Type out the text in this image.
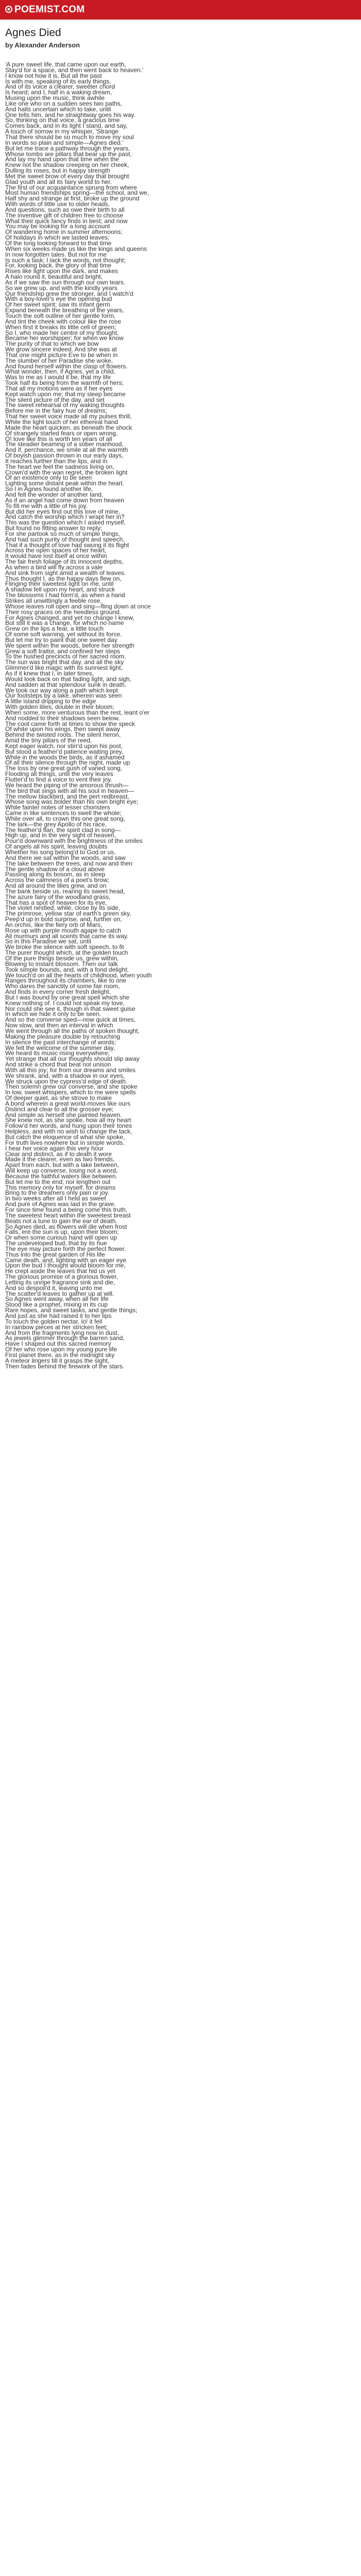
POEMIST.COM
Agnes Died
by Alexander Anderson
'A pure sweet life, that came upon our earth,
Stay'd for a space, and then went back to heaven.'
I know not how it is, But all the past
Is with me, speaking of its early things,
And of its voice a clearer, sweeter chord
Is heard; and I, half in a waking dream,
Musing upon the music, think awhile
Like one who on a sudden sees two paths,
And halts uncertain which to take, until
One tells him, and he straightway goes his way.
So, thinking on that voice, a gracious time
Comes back, and in its light I stand, and say,
A touch of sorrow in my whisper, 'Strange
That there should be so much to move my soul
In words so plain and simple—Agnes died.'
But let me trace a pathway through the years,
Whose tombs are pillars that bear up the past,
And lay my hand upon that time when the
Knew not the shadow creeping on her cheek,
Dulling its roses, but in happy strength
Met the sweet brow of every day that brought
Glad youth and all its fairy world to her.
The first of our acquaintance sprung from where
Most human friendships spring—the school, and we,
Half shy and strange at first, broke up the ground
With words of little use to older heads,
And questions, such as owe their birth to all
The inventive gift of children free to choose
What their quick fancy finds in best; and now
You may be looking for a long account
Of wandering home in summer afternoons;
Of holidays in which we lasted leaves;
Of the long looking forward to that time
When six weeks made us like the kings and queens
In now forgotten tales. But not for me
Is such a task; I lack the words, not thought;
For, looking back, the glory of that time
Rises like light upon the dark, and makes
A halo round it, beautiful and bright,
As if we saw the sun through our own tears.
So we grew up, and with the kindly years
Our friendship grew the stronger, and I watch'd
With a boy-lover's eye the opening bud
Of her sweet spirit; saw its infant germ
Expand beneath the breathing of the years,
Touch the soft outline of her gentle form,
And tint the cheek with colour like the rose
When first it breaks its little cell of green;
So I, who made her centre of my thought,
Became her worshipper; for when we know
The purity of that to which we bow
We grow sincere indeed. And she was at
That one might picture Eve to be when in
The slumber of her Paradise she woke,
And found herself within the clasp of flowers.
What wonder, then, if Agnes, yet a child,
Was to me as I would it be, that my life
Took half its being from the warmth of hers;
That all my motions were as if her eyes
Kept watch upon me; that my sleep became
The silent picture of the day, and set
The sweet rehearsal of my waking thoughts
Before me in the fairy hue of dreams;
That her sweet voice made all my pulses thrill,
While the light touch of her ethereal hand
Made the heart quicken, as beneath the shock
Of strangely started fears or open wrong.
O! love like this is worth ten years of all
The steadier beaming of a sober manhood,
And if, perchance, we smile at all the warmth
Of boyish passion thrown in our early days,
It reaches further than the lips, and in
The heart we feel the sadness living on,
Crown'd with the wan regret, the broken light
Of an existence only to be seen
Lighting some distant peak within the heart.
So I in Agnes found another life,
And felt the wonder of another land,
As if an angel had come down from heaven
To fill me with a little of his joy.
But did her eyes find out this love of mine,
And catch the worship which I wrapt her in?
This was the question which I asked myself,
But found no fitting answer to reply;
For she partook so much of simple things,
And had such purity of thought and speech,
That if a thought of love had swung it its flight
Across the open spaces of her heart,
It would have lost itself at once within
The fair fresh foliage of its innocent depths,
As when a bird will fly across a vale
And sink from sight amid a wealth of leaves.
Thus thought I, as the happy days flew on,
Flinging their sweetest light on me, until
A shadow fell upon my heart, and struck
The blossoms I had form'd, as when a hand
Strikes all unwittingly a feeble rose,
Whose leaves roll open and sing—fling down at once
Their rosy graces on the heedless ground.
For Agnes changed, and yet no change I knew,
But still it was a change, for which no name
Grew on the lips a fear, a little touch
Of some soft warning, yet without its force.
But let me try to paint that one sweet day
We spent within the woods, before her strength
Grew a soft traitor, and confined her steps
To the hushed precincts of her sacred room.
The sun was bright that day, and all the sky
Glimmer'd like magic with its sunniest light,
As if it knew that I, in later times,
Would look back on that fading light, and sigh,
And sadden at that splendour sunk in death.
We took our way along a path which kept
Our footsteps by a lake, wherein was seen
A little island dripping to the edge
With golden lilies, double in their bloom;
When some, more venturous than the rest, leant o'er
And nodded to their shadows seen below.
The coot came forth at times to show the speck
Of white upon his wings, then swept away
Behind the twisted roots. The silent heron,
Amid the tiny pillars of the reed,
Kept eager watch, nor stirr'd upon his post,
But stood a feather'd patience waiting prey.
While in the woods the birds, as if ashamed
Of all their silence through the night, made up
The loss by one great gush of varied song,
Flooding all things, until the very leaves
Flutter'd to find a voice to vent their joy.
We heard the piping of the amorous thrush—
The bird that sings with all his soul in heaven—
The mellow blackbird, and the pert redbreast,
Whose song was bolder than his own bright eye;
While fainter notes of lesser choristers
Came in like sentences to swell the whole;
While over all, to crown this one great song,
The lark—the grey Apollo of his race,
The feather'd flan, the spirit clad in song—
High up, and in the very sight of heaven,
Pour'd downward with the brightness of the smiles
Of angels all his spirit, leaving doubts
Whether his song belong'd to God or us.
And there we sat within the woods, and saw
The lake between the trees, and now and then
The gentle shadow of a cloud above
Passing along its bosom, as in sleep
Across the calmness of a poet's brow;
And all around the lilies grew, and on
The bank beside us, rearing its sweet head,
The azure fairy of the woodland grass,
That has a spot of heaven for its eye,
The violet nestled, while, close by its side,
The primrose, yellow star of earth's green sky,
Peep'd up in bold surprise, and, further on,
An orchis, like the fiery orb of Mars,
Rose up with purple mouth agape to catch
All murmurs and all scents that came its way.
So in this Paradise we sat, until
We broke the silence with soft speech, to fit
The purer thought which, at the golden touch
Of the pure things beside us, grew within,
Blowing to instant blossom. Then our talk
Took simple bounds, and, with a fond delight,
We touch'd on all the hearts of childhood, when youth
Ranges throughout its chambers, like to one
Who dares the sanctity of some fair room,
And finds in every corner fresh delight.
But I was bound by one great spell which she
Knew nothing of. I could not speak my love,
Nor could she see it, though in that sweet guise
In which we hide it only to be seen.
And so the converse sped—now quick at times,
Now slow, and then an interval in which
We went through all the paths of spoken thought,
Making the pleasure double by retouching
In silence the past interchange of words;
We felt the welcome of the summer day,
We heard its music rising everywhere;
Yet strange that all our thoughts should slip away
And strike a chord that beat not unison
With all this joy; for from our dreams and smiles
We shrank, and, with a shadow in our eyes,
We struck upon the cypress'd edge of death.
Then solemn grew our converse, and she spoke
In low, sweet whispers, which to me were spells
Of deeper quiet, as she strove to make
A bond wherein a great world-moves like ours
Distinct and clear to all the grosser eye;
And simple as herself she painted heaven.
She knew not, as she spoke, how all my heart
Follow'd her words, and hung upon their tones
Helpless, and with no wish to change the tack,
But catch the eloquence of what she spoke,
For truth lives nowhere but in simple words.
I hear her voice again this very hour
Clear and distinct, as if to death it wore
Made it the clearer, even as two friends,
Apart from each, but with a lake between,
Will keep up converse, losing not a word,
Because the faithful waters like between.
But let me to the end; nor lengthen out
This memory only for myself, for dreams
Bring to the dreamers only pain or joy.
In two weeks after all I held as sweet
And pure of Agnes was laid in the grave.
For since time found a being come this truth,
The sweetest heart within the sweetest breast
Beats not a tune to gain the ear of death.
So Agnes died, as flowers will die when frost
Falls, ere the sun is up, upon their bloom;
Or when some curious hand will open up
The undeveloped bud, that by its hue
The eye may picture forth the perfect flower.
Thus into the great garden of His life
Came death, and, lighting with an eager eye
Upon the bud I thought would bloom for me,
He crept aside the leaves that hid us yet
The glorious promise of a glorious flower,
Letting its unripe fragrance sink and die,
And so despoil'd it, leaving unto me
The scatter'd leaves to gather up at will.
So Agnes went away, when all her life
Stood like a prophet, mixing in its cup
Rare hopes, and sweet tasks, and gentle things;
And just as she had raised it to her lips
To touch the golden nectar, lo! it fell
In rainbow pieces at her stricken feet;
And from the fragments lying now in dust,
As jewels glimmer through the barren sand,
Have I shaped out this sacred memory
Of her who rose upon my young pure life
First planet there, as in the midnight sky
A meteor lingers till it grasps the sight,
Then fades behind the firework of the stars.
